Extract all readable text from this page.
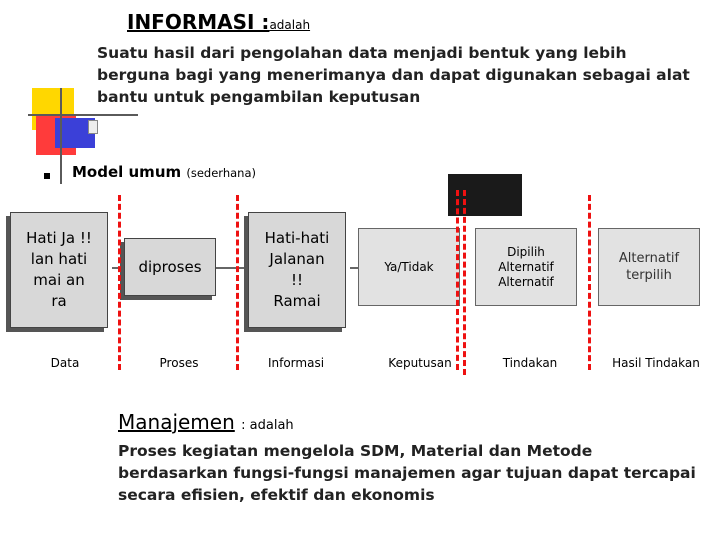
INFORMASI :adalah
Suatu hasil dari pengolahan data menjadi bentuk yang lebih berguna bagi yang menerimanya dan dapat digunakan sebagai alat bantu untuk pengambilan keputusan
Model umum (sederhana)
Hati Ja !!
lan hati
mai an
ra
diproses
Hati-hati
Jalanan
!!
Ramai
Ya/Tidak
Dipilih
Alternatif
Alternatif
Alternatif
terpilih
Data	Proses	Informasi	Keputusan	Tindakan	Hasil Tindakan
Manajemen : adalah
Proses kegiatan mengelola SDM, Material dan Metode berdasarkan fungsi-fungsi manajemen agar tujuan dapat tercapai secara efisien, efektif dan ekonomis
